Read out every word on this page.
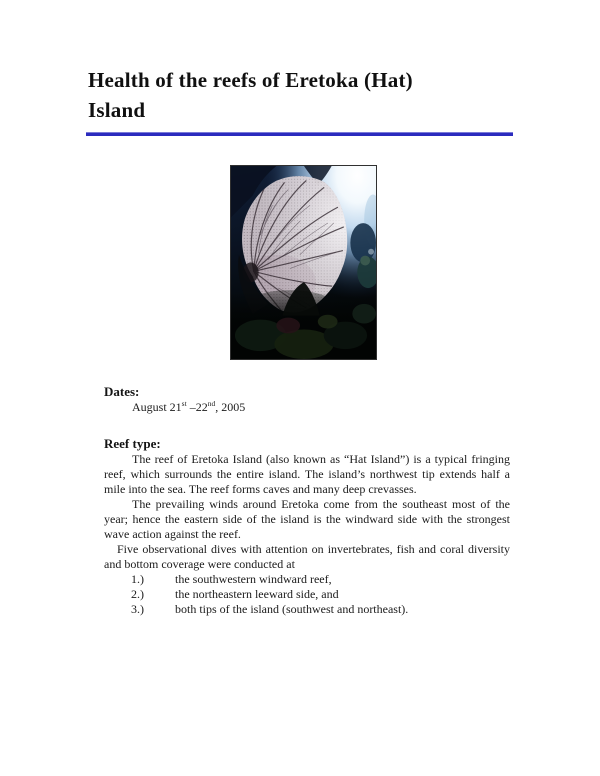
Health of the reefs of Eretoka (Hat)
Island
Dates:
August 21st –22nd, 2005
Reef type:

The reef of Eretoka Island (also known as “Hat Island”) is a typical fringing reef, which surrounds the entire island. The island’s northwest tip extends half a mile into the sea. The reef forms caves and many deep crevasses.

The prevailing winds around Eretoka come from the southeast most of the year; hence the eastern side of the island is the windward side with the strongest wave action against the reef.

Five observational dives with attention on invertebrates, fish and coral diversity and bottom coverage were conducted at

1.)	the southwestern windward reef,
2.)	the northeastern leeward side, and
3.)	both tips of the island (southwest and northeast).
